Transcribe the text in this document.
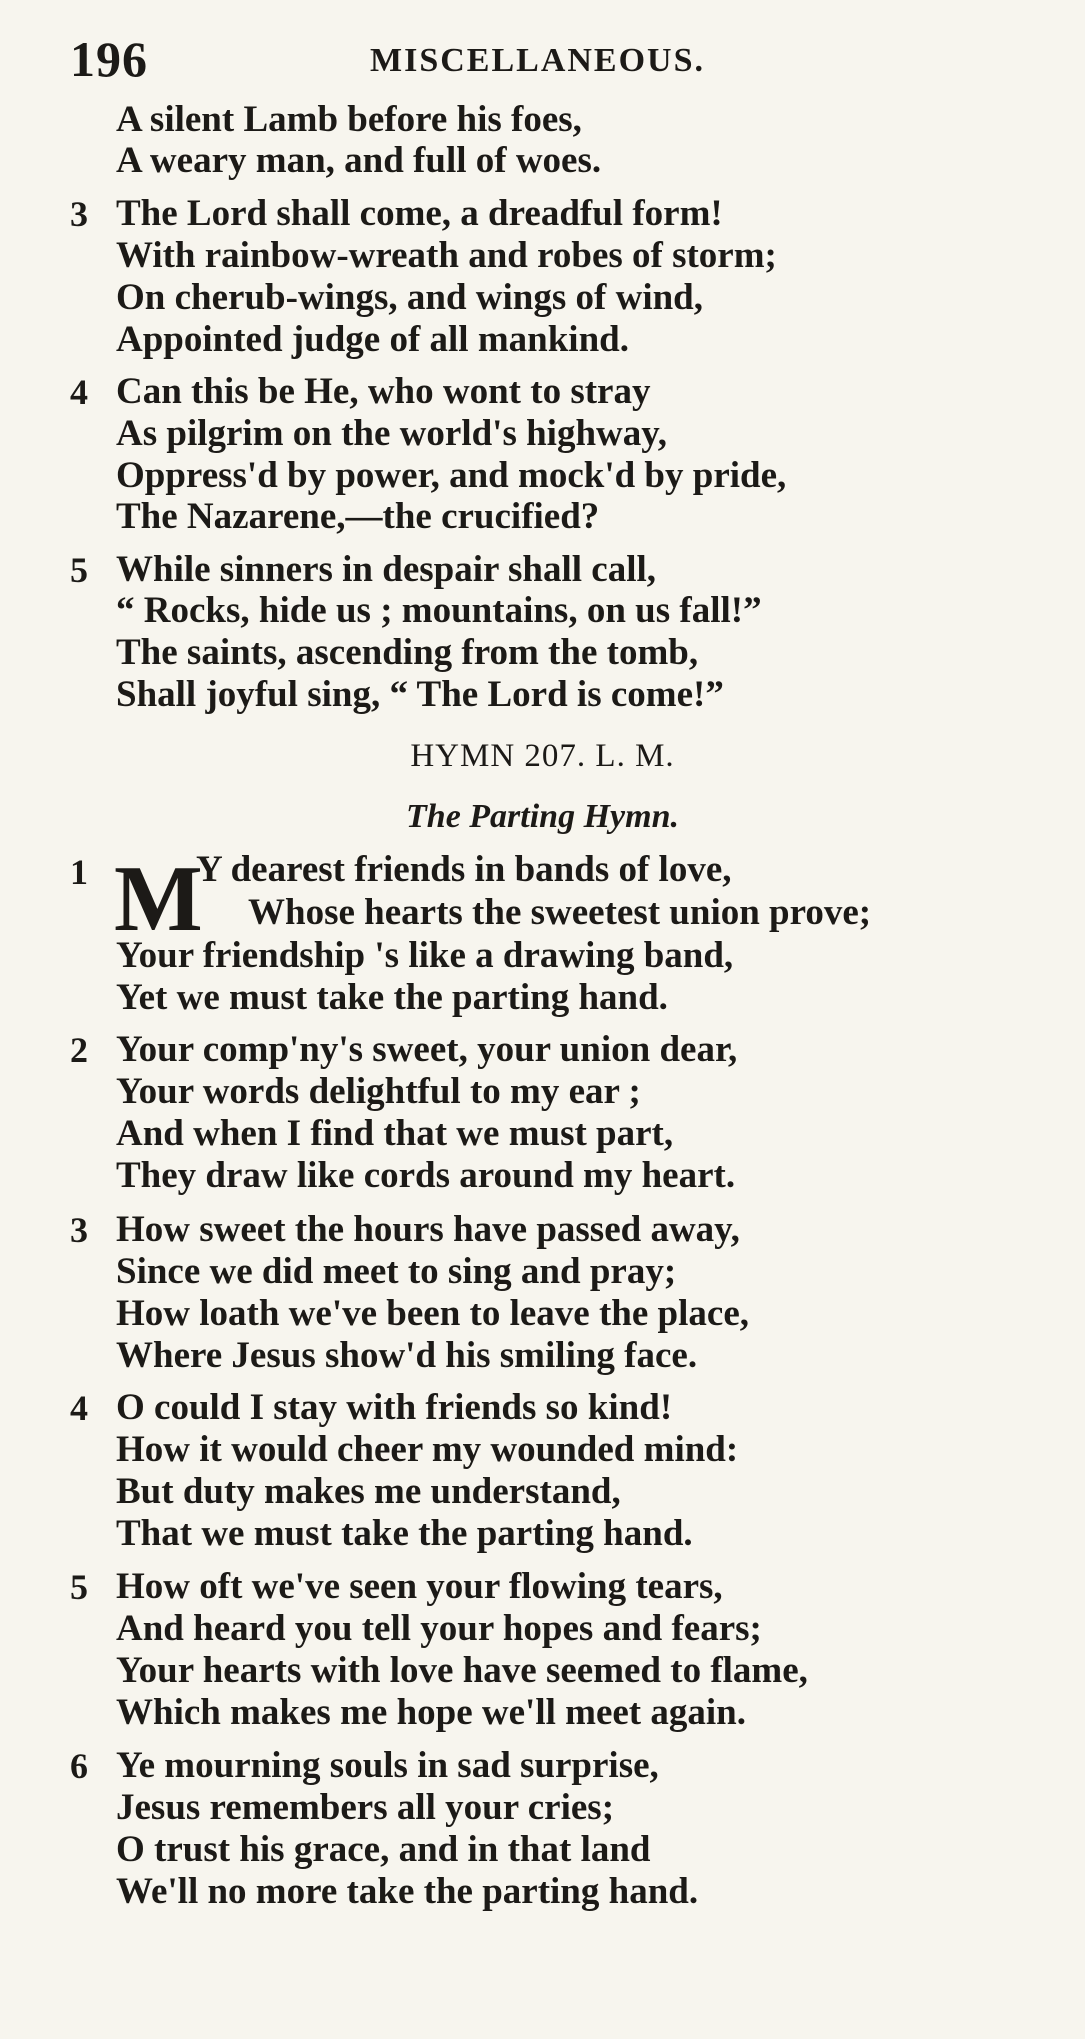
196	MISCELLANEOUS.
A silent Lamb before his foes,
A weary man, and full of woes.
3 The Lord shall come, a dreadful form!
With rainbow-wreath and robes of storm;
On cherub-wings, and wings of wind,
Appointed judge of all mankind.
4 Can this be He, who wont to stray
As pilgrim on the world's highway,
Oppress'd by power, and mock'd by pride,
The Nazarene,—the crucified?
5 While sinners in despair shall call,
“ Rocks, hide us ; mountains, on us fall!”
The saints, ascending from the tomb,
Shall joyful sing, “ The Lord is come!”
HYMN 207. L. M.
The Parting Hymn.
1 M
Y dearest friends in bands of love,
Whose hearts the sweetest union prove;
Your friendship 's like a drawing band,
Yet we must take the parting hand.
2 Your comp'ny's sweet, your union dear,
Your words delightful to my ear ;
And when I find that we must part,
They draw like cords around my heart.
3 How sweet the hours have passed away,
Since we did meet to sing and pray;
How loath we've been to leave the place,
Where Jesus show'd his smiling face.
4 O could I stay with friends so kind!
How it would cheer my wounded mind:
But duty makes me understand,
That we must take the parting hand.
5 How oft we've seen your flowing tears,
And heard you tell your hopes and fears;
Your hearts with love have seemed to flame,
Which makes me hope we'll meet again.
6 Ye mourning souls in sad surprise,
Jesus remembers all your cries;
O trust his grace, and in that land
We'll no more take the parting hand.
